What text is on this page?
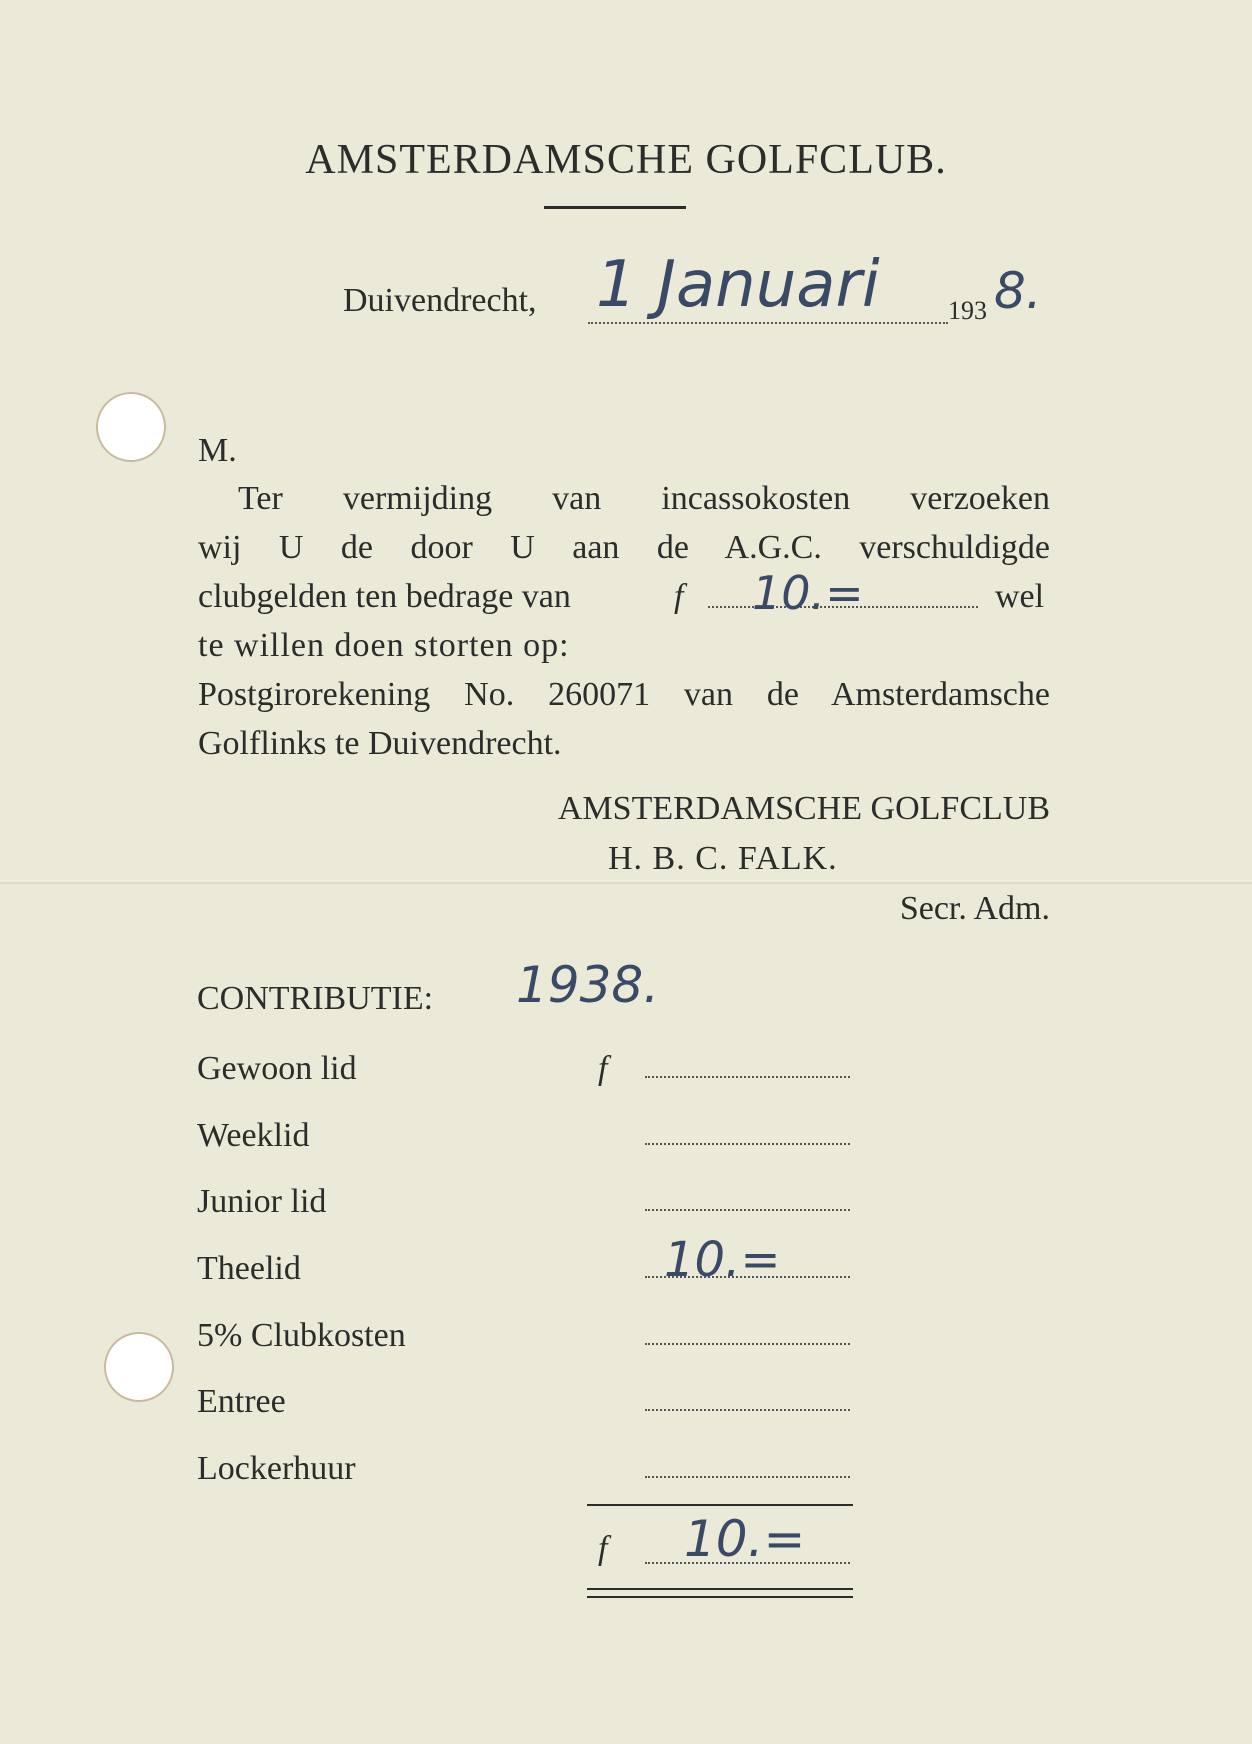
AMSTERDAMSCHE GOLFCLUB.
Duivendrecht, 1 Januari	193 8.
M.
Ter vermijding van incassokosten verzoeken
wij U de door U aan de A.G.C. verschuldigde
clubgelden ten bedrage van	f 10.=	wel
te willen doen storten op:
Postgirorekening No. 260071 van de Amsterdamsche
Golflinks te Duivendrecht.
AMSTERDAMSCHE GOLFCLUB
H. B. C. FALK.
Secr. Adm.
CONTRIBUTIE: 1938.
Gewoon lid	f
Weeklid
Junior lid
Theelid	10.=
5% Clubkosten
Entree
Lockerhuur
f 10.=
